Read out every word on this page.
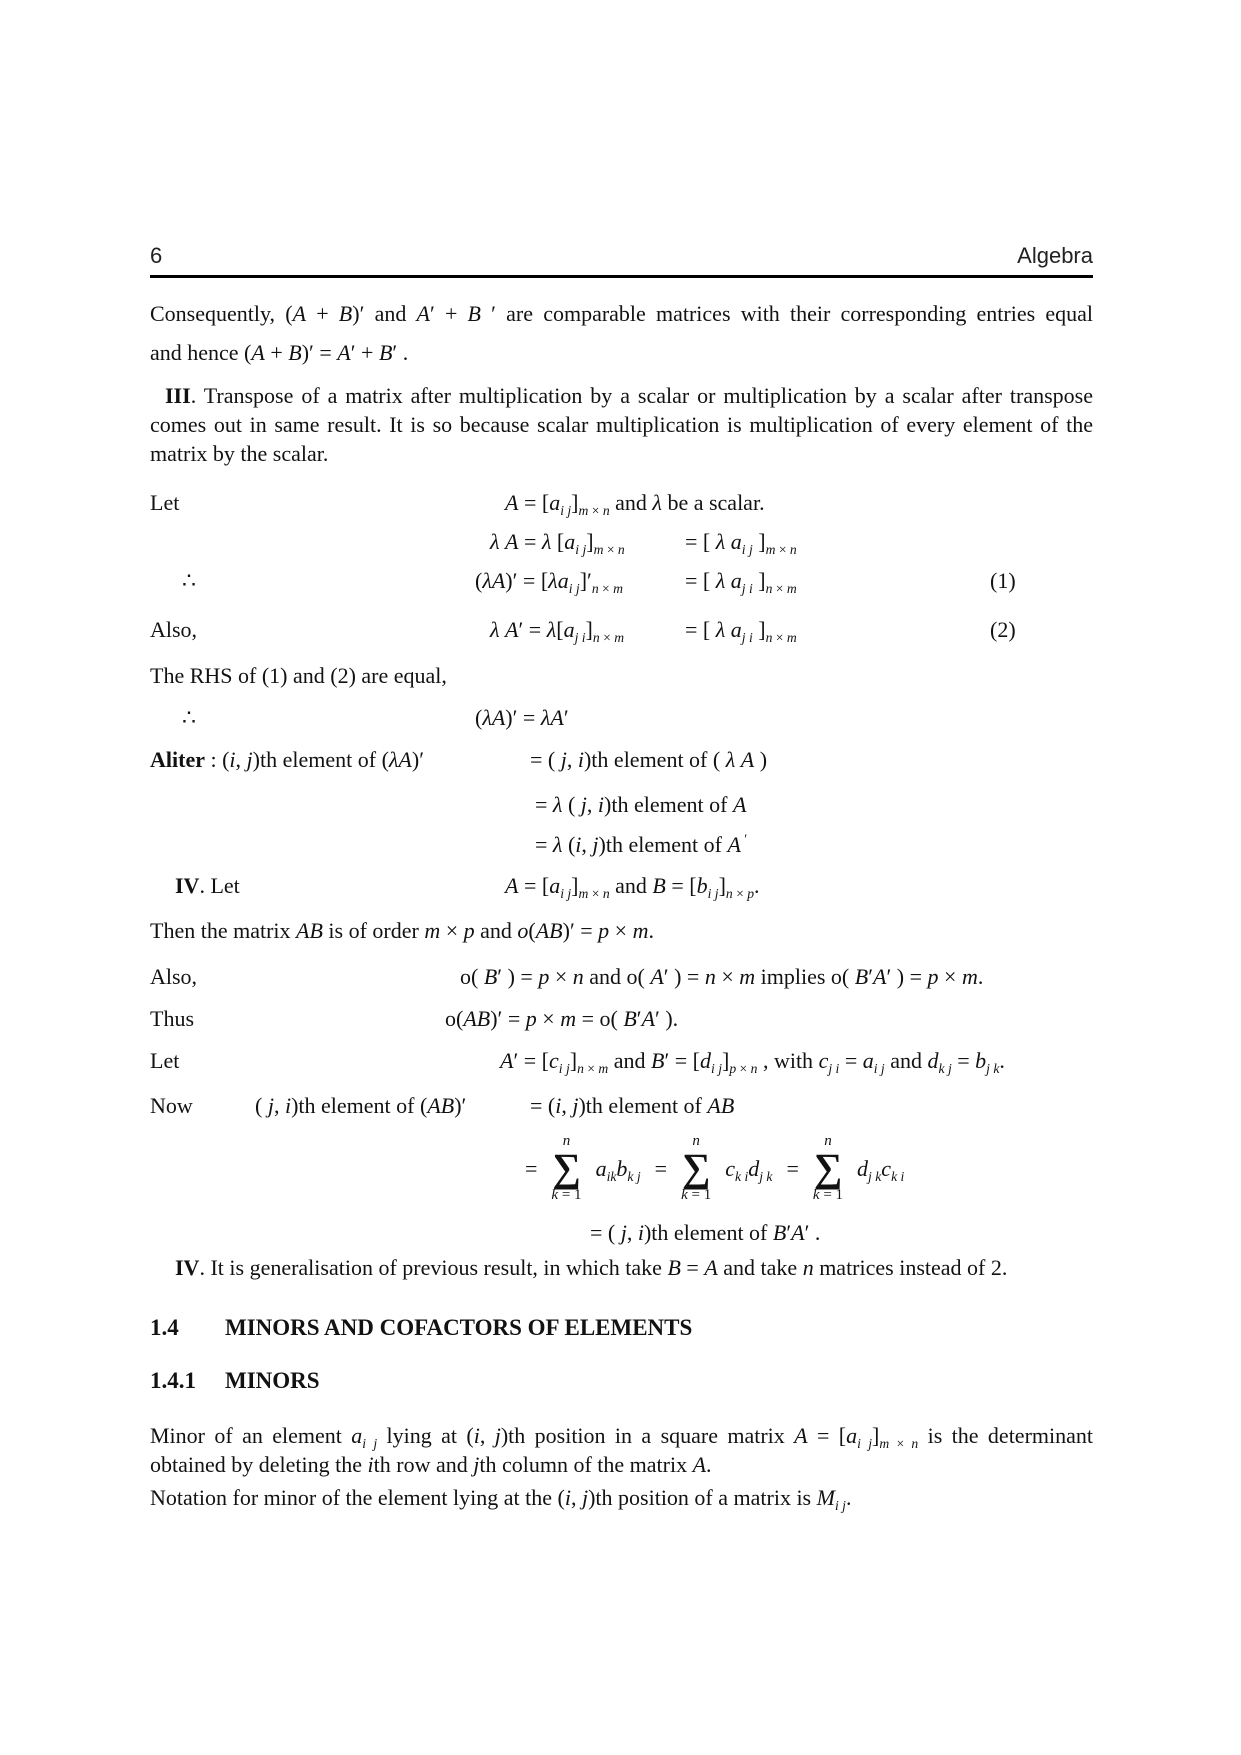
6	Algebra
Consequently, (A + B)′ and A′ + B ′ are comparable matrices with their corresponding entries equal
and hence (A + B)′ = A′ + B′ .
III. Transpose of a matrix after multiplication by a scalar or multiplication by a scalar after transpose
comes out in same result. It is so because scalar multiplication is multiplication of every element of the
matrix by the scalar.
Let	$A = [a_{i j}]_{m \times n}$ and λ be a scalar.
λ A = λ $[a_{i j}]_{m \times n}$	= [ λ $a_{i j}$ ]$_{m \times n}$
∴	$(\lambda A)' = [\lambda a_{i j}]'_{n \times m}$	= [ λ $a_{j i}$ ]$_{n \times m}$	(1)
Also,	λ $A' = \lambda[a_{j i}]_{n \times m}$	= [ λ $a_{j i}$ ]$_{n \times m}$	(2)
The RHS of (1) and (2) are equal,
∴	(λA)′ = λA′
Aliter : (i, j)th element of (λA)′	= ( j, i)th element of ( λ A )
= λ ( j, i)th element of A
= λ (i, j)th element of A ′
IV. Let	$A = [a_{i j}]_{m \times n}$ and $B = [b_{i j}]_{n \times p}$.
Then the matrix AB is of order m × p and o(AB)′ = p × m.
Also,	o( B′ ) = p × n and o( A′ ) = n × m implies o( B′A′ ) = p × m.
Thus	o(AB)′ = p × m = o( B′A′ ).
Let	$A' = [c_{i j}]_{n \times m}$ and $B' = [d_{i j}]_{p \times n}$ , with $c_{j i} = a_{i j}$ and $d_{k j} = b_{j k}$.
Now	( j, i)th element of (AB)′	= (i, j)th element of AB
=
n
∑
k = 1
$a_{ik}b_{k j}$ =
n
∑
k = 1
$c_{k i}d_{j k}$ =
n
∑
k = 1
$d_{j k}c_{k i}$
= ( j, i)th element of B′A′ .
IV. It is generalisation of previous result, in which take B = A and take n matrices instead of 2.
1.4 MINORS AND COFACTORS OF ELEMENTS
1.4.1 MINORS
Minor of an element $a_{i j}$ lying at (i, j)th position in a square matrix $A = [a_{i j}]_{m \times n}$ is the determinant
obtained by deleting the ith row and jth column of the matrix A.
Notation for minor of the element lying at the (i, j)th position of a matrix is $M_{i j}$.
